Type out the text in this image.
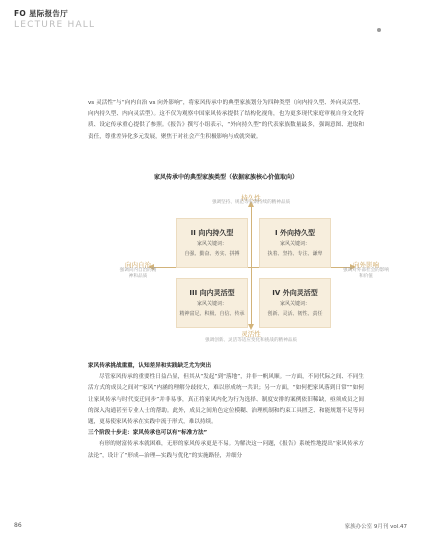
FO 星际报告厅
LECTURE HALL

vs 灵活性”与“向内自治 vs 向外影响”，将家风传承中的典型家族划分为四种类型（向内持久型、外向灵活型、向内持久型、内向灵活型）。这不仅为观察中国家风传承提供了结构化视角，也为更多现代家庭审视自身文化特质、设定传承重心提供了参照。《报告》撰写小组表示，“外向持久型”的代表家族数量最多，强调意图、进取和责任，尊重差异化多元发展，聚焦于对社会产生积极影响与成就突破。

家风传承中的典型家族类型（依据家族核心价值取向）
持久性
强调坚持、规范等长期持续的精神品质
灵活性
强调创新、灵活等适应变化和挑战的精神品质
向内自治
强调向内自治的精神和品质
向外影响
强调对外部社会的影响和价值
II 向内持久型
家风关键词：
自强、勤奋、务实、拼搏
I 外向持久型
家风关键词：
执着、坚持、专注、谦卑
III 向内灵活型
家风关键词：
精神富足、积极、自信、传承
IV 外向灵活型
家风关键词：
创新、灵活、韧性、责任

家风传承挑战重重，认知差异和实践缺乏尤为突出

尽管家风传承的重要性日益凸显，但其从“发起”到“落地”，并非一帆风顺。一方面，不同代际之间、不同生活方式的成员之间对“家风”内涵的理解分歧较大，难以形成统一共识；另一方面，“如何把家风落到日常”“如何让家风传承与时代变迁同步”并非易事，真正将家风内化为行为选择、制度安排的案例依旧稀缺，亟须成员之间的深入沟通甚至专业人士的帮助。此外，成员之间角色定位模糊、治理机制和约束工具匮乏、和能规划不足等问题，更易使家风传承在实践中流于形式，难以持续。

三个阶段十步走：家风传承也可以有“标准方法”

有形的财富传承本就困难，无形的家风传承更是不易。为解决这一问题，《报告》系统性地提出“家风传承方法论”，设计了“形成—治理—实践与优化”的实施路径，并细分

86	家族办公室 9月刊 vol.47
